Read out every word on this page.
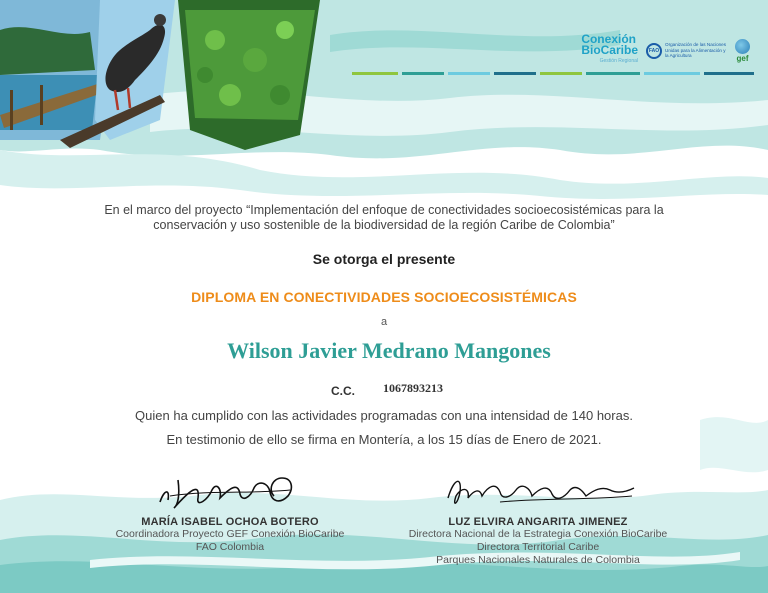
Conexión
BioCaribe
Gestión Regional
FAO
Organización de las Naciones Unidas para la Alimentación y la Agricultura	gef
En el marco del proyecto “Implementación del enfoque de conectividades socioecosistémicas para la
conservación y uso sostenible de la biodiversidad de la región Caribe de Colombia”
Se otorga el presente
DIPLOMA EN CONECTIVIDADES SOCIOECOSISTÉMICAS
a
Wilson Javier Medrano Mangones
C.C. 1067893213
Quien ha cumplido con las actividades programadas con una intensidad de 140 horas.
En testimonio de ello se firma en Montería, a los 15 días de Enero de 2021.
MARÍA ISABEL OCHOA BOTERO
Coordinadora Proyecto GEF Conexión BioCaribe
FAO Colombia
LUZ ELVIRA ANGARITA JIMENEZ
Directora Nacional de la Estrategia Conexión BioCaribe
Directora Territorial Caribe
Parques Nacionales Naturales de Colombia
